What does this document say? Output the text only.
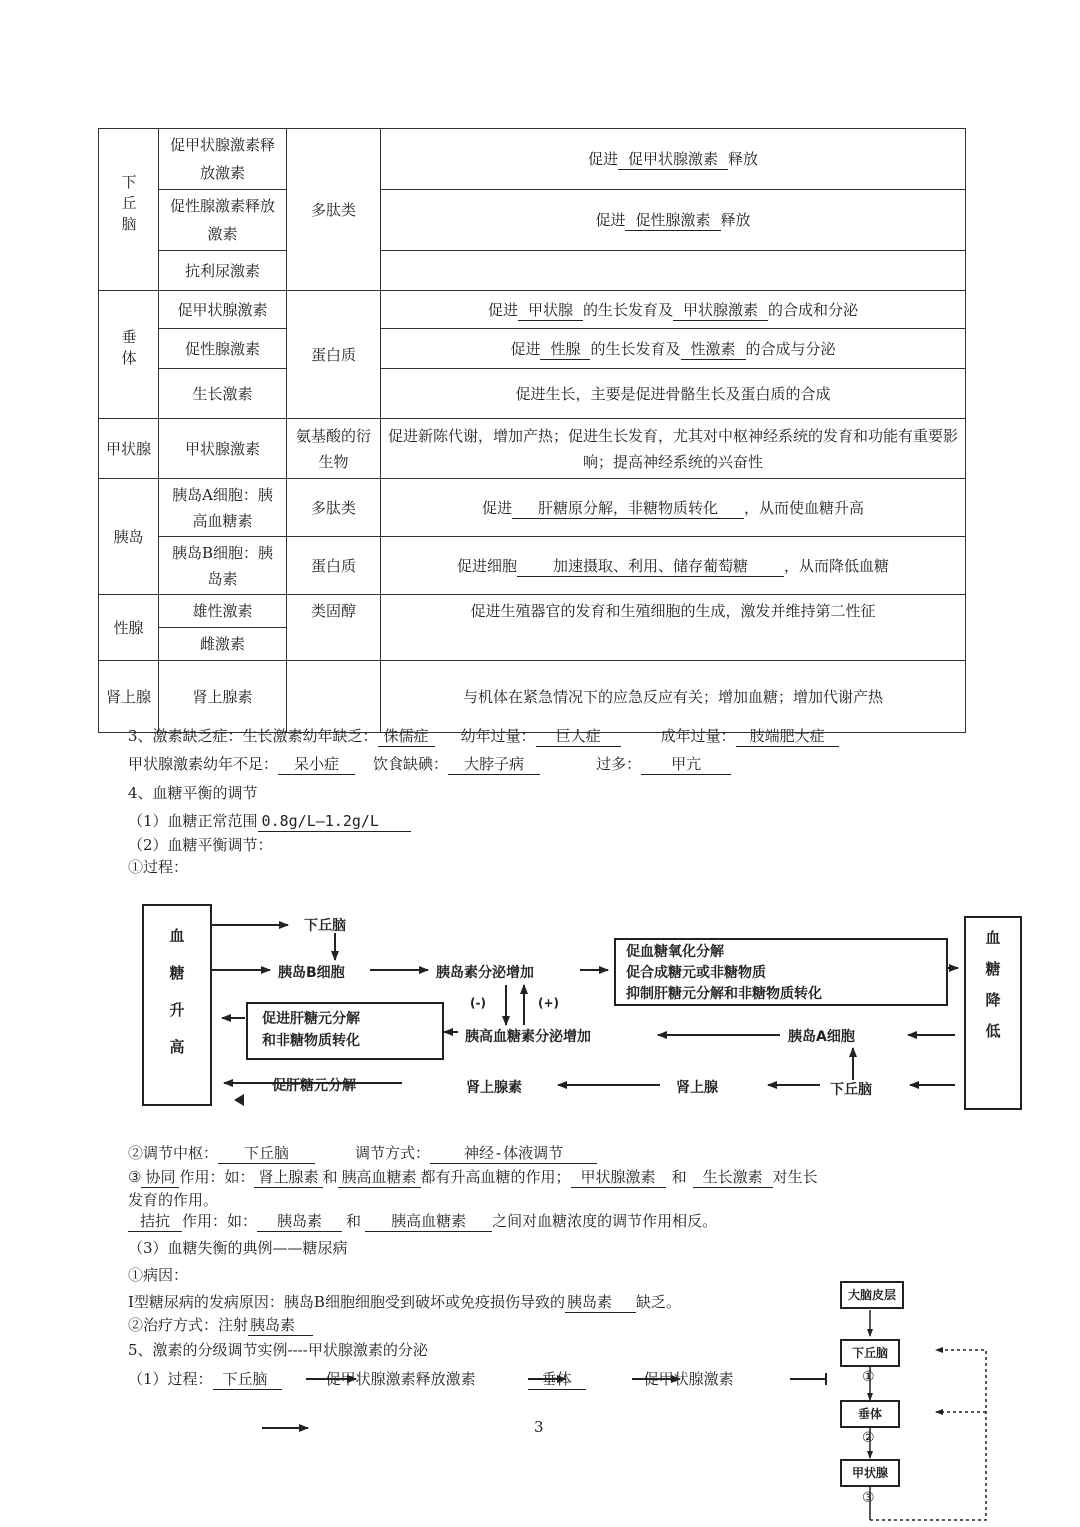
下丘脑	促甲状腺激素释放激素	多肽类	促进 促甲状腺激素 释放
	促性腺激素释放激素		促进 促性腺激素 释放
	抗利尿激素		
垂体	促甲状腺激素	蛋白质	促进 甲状腺 的生长发育及 甲状腺激素 的合成和分泌
	促性腺激素		促进 性腺 的生长发育及 性激素 的合成与分泌
	生长激素		促进生长，主要是促进骨骼生长及蛋白质的合成
甲状腺	甲状腺激素	氨基酸的衍生物	促进新陈代谢，增加产热；促进生长发育，尤其对中枢神经系统的发育和功能有重要影响；提高神经系统的兴奋性
胰岛	胰岛A细胞：胰高血糖素	多肽类	促进 肝糖原分解，非糖物质转化 ，从而使血糖升高
	胰岛B细胞：胰岛素	蛋白质	促进细胞 加速摄取、利用、储存葡萄糖 ，从而降低血糖
性腺	雄性激素	类固醇	促进生殖器官的发育和生殖细胞的生成，激发并维持第二性征
	雌激素		
肾上腺	肾上腺素		与机体在紧急情况下的应急反应有关；增加血糖；增加代谢产热
3、激素缺乏症：生长激素幼年缺乏： 侏儒症 幼年过量： 巨人症	成年过量： 肢端肥大症
甲状腺激素幼年不足： 呆小症 饮食缺碘： 大脖子病	过多： 甲亢
4、血糖平衡的调节
（1）血糖正常范围 0.8g/L—1.2g/L
（2）血糖平衡调节：
①过程：
血糖升高	血糖降低
下丘脑
胰岛B细胞	胰岛素分泌增加
促血糖氧化分解
促合成糖元或非糖物质
抑制肝糖元分解和非糖物质转化
(-)	(+)
促进肝糖元分解
和非糖物质转化	胰高血糖素分泌增加	胰岛A细胞
促肝糖元分解	肾上腺素	肾上腺	下丘脑
②调节中枢： 下丘脑	调节方式： 神经-体液调节
③ 协同 作用：如： 肾上腺素 和 胰高血糖素 都有升高血糖的作用； 甲状腺激素 和 生长激素 对生长
发育的作用。
拮抗 作用：如： 胰岛素 和 胰高血糖素 之间对血糖浓度的调节作用相反。
（3）血糖失衡的典例——糖尿病
①病因：
Ⅰ型糖尿病的发病原因：胰岛B细胞细胞受到破坏或免疫损伤导致的 胰岛素 缺乏。
②治疗方式：注射 胰岛素
5、激素的分级调节实例----甲状腺激素的分泌
（1）过程： 下丘脑	促甲状腺激素释放激素	垂体	促甲状腺激素
大脑皮层
下丘脑
①
垂体
②
甲状腺
③
3
